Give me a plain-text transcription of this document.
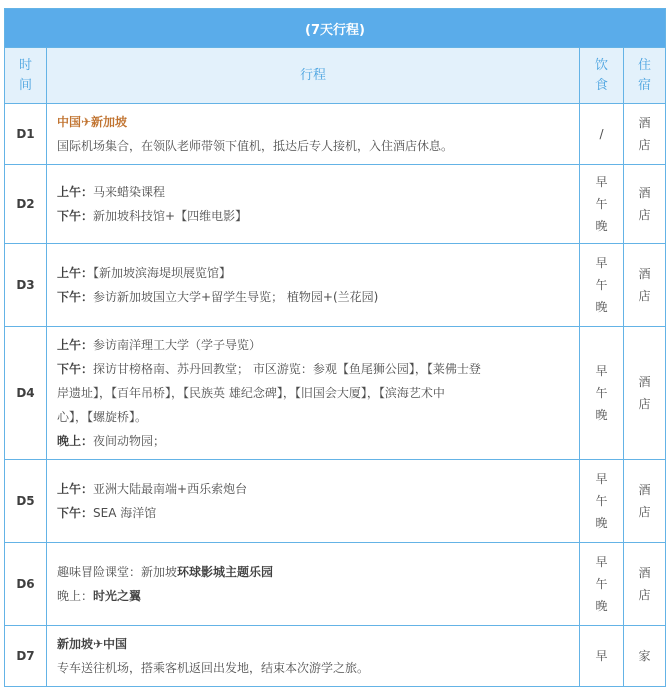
(7天行程)			
时
间	行程	饮
食	住
宿
D1	中国✈新加坡
国际机场集合，在领队老师带领下值机，抵达后专人接机，入住酒店休息。	/	酒
店

D2	上午：马来蜡染课程
下午：新加坡科技馆+【四维电影】	早
午
晚	酒
店

D3	上午：【新加坡滨海堤坝展览馆】
下午：参访新加坡国立大学+留学生导览； 植物园+(兰花园)	早
午
晚	酒
店

D4	上午：参访南洋理工大学（学子导览）
下午：探访甘榜格南、苏丹回教堂； 市区游览：参观【鱼尾狮公园】，【莱佛士登
岸遗址】，【百年吊桥】，【民族英 雄纪念碑】，【旧国会大厦】，【滨海艺术中
心】，【螺旋桥】。
晚上：夜间动物园；	早
午
晚	酒
店

D5	上午：亚洲大陆最南端+西乐索炮台
下午：SEA 海洋馆	早
午
晚	酒
店

D6	趣味冒险课堂：新加坡环球影城主题乐园
晚上：时光之翼	早
午
晚	酒
店

D7	新加坡✈中国
专车送往机场，搭乘客机返回出发地，结束本次游学之旅。	早	家
